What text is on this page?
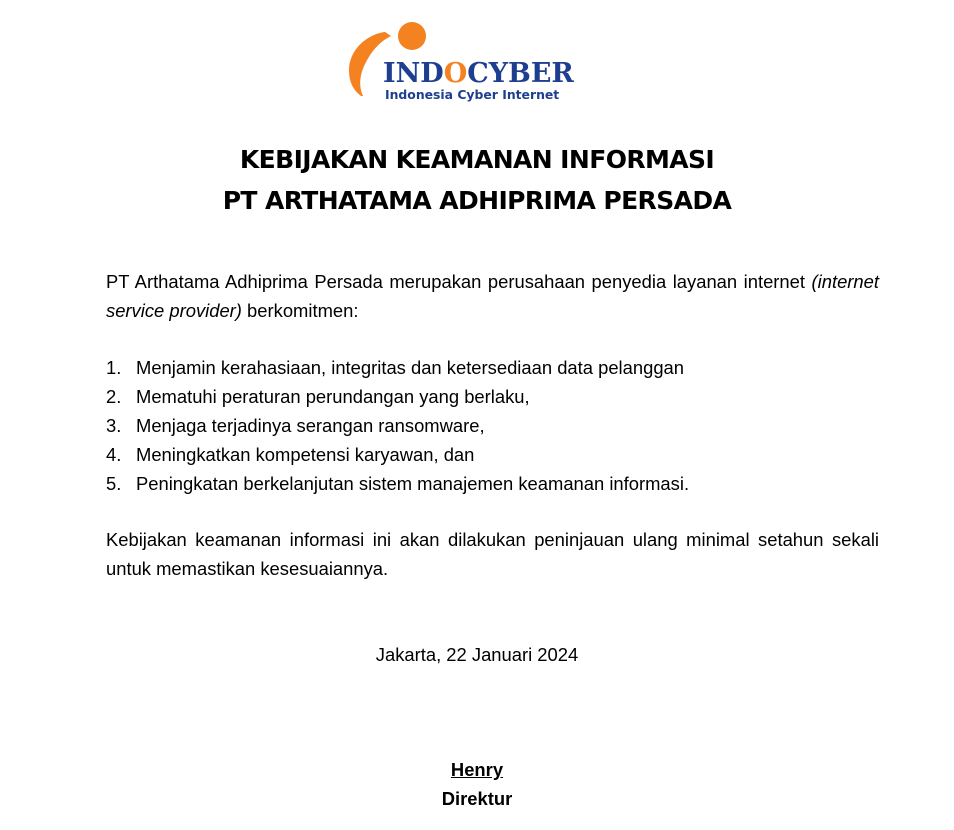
INDOCYBER
Indonesia Cyber Internet
KEBIJAKAN KEAMANAN INFORMASI
PT ARTHATAMA ADHIPRIMA PERSADA
PT Arthatama Adhiprima Persada merupakan perusahaan penyedia layanan internet (internet service provider) berkomitmen:
1. Menjamin kerahasiaan, integritas dan ketersediaan data pelanggan
2. Mematuhi peraturan perundangan yang berlaku,
3. Menjaga terjadinya serangan ransomware,
4. Meningkatkan kompetensi karyawan, dan
5. Peningkatan berkelanjutan sistem manajemen keamanan informasi.
Kebijakan keamanan informasi ini akan dilakukan peninjauan ulang minimal setahun sekali untuk memastikan kesesuaiannya.
Jakarta, 22 Januari 2024
Henry
Direktur
